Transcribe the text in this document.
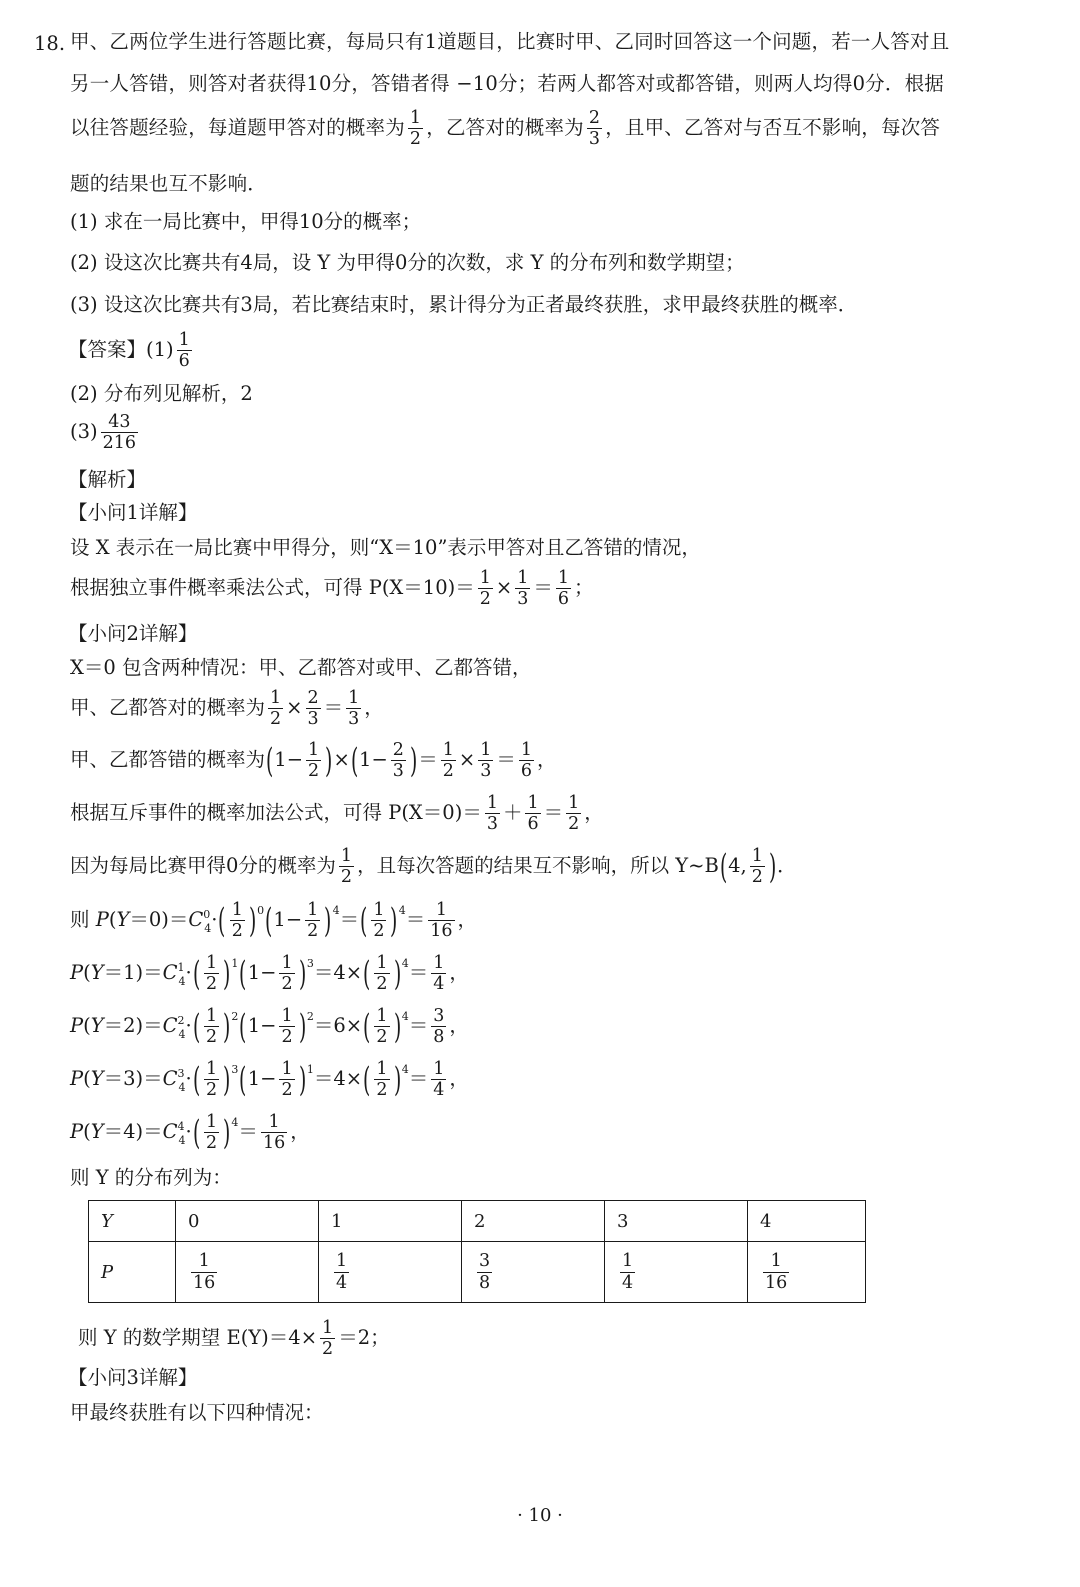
18. 甲、乙两位学生进行答题比赛，每局只有1道题目，比赛时甲、乙同时回答这一个问题，若一人答对且
另一人答错，则答对者获得10分，答错者得 −10分；若两人都答对或都答错，则两人均得0分．根据
以往答题经验，每道题甲答对的概率为 $\frac{1}{2}$ ，乙答对的概率为 $\frac{2}{3}$ ，且甲、乙答对与否互不影响，每次答
题的结果也互不影响．
(1) 求在一局比赛中，甲得10分的概率；
(2) 设这次比赛共有4局，设 Y 为甲得0分的次数，求 Y 的分布列和数学期望；
(3) 设这次比赛共有3局，若比赛结束时，累计得分为正者最终获胜，求甲最终获胜的概率．
【答案】$(1) \frac{1}{6}$
(2) 分布列见解析，2
$(3) \frac{43}{216}$
【解析】
【小问1详解】
设 X 表示在一局比赛中甲得分，则“X＝10”表示甲答对且乙答错的情况，
根据独立事件概率乘法公式，可得 $P(X=10)= \frac{1}{2} \times \frac{1}{3} = \frac{1}{6}$ ；
【小问2详解】
X＝0 包含两种情况：甲、乙都答对或甲、乙都答错，
甲、乙都答对的概率为 $\frac{1}{2} \times \frac{2}{3} = \frac{1}{3}$ ，
甲、乙都答错的概率为$(1- \frac{1}{2} )\times(1- \frac{2}{3}$ )＝ $\frac{1}{2} \times \frac{1}{3} = \frac{1}{6}$ ，
根据互斥事件的概率加法公式，可得 $P(X=0)= \frac{1}{3} + \frac{1}{6} = \frac{1}{2}$ ，
因为每局比赛甲得0分的概率为 $\frac{1}{2}$ ，且每次答题的结果互不影响，所以 Y~B(4, $\frac{1}{2}$ )．
则 $P(Y=0)=C^0_4\cdot( \frac{1}{2} )^0(1- \frac{1}{2} )^4=( \frac{1}{2} )^4= \frac{1}{16}$ ，
$P(Y=1)=C^1_4\cdot( \frac{1}{2} )^1(1- \frac{1}{2} )^3=4\times( \frac{1}{2} )^4= \frac{1}{4}$ ，
$P(Y=2)=C^2_4\cdot( \frac{1}{2} )^2(1- \frac{1}{2} )^2=6\times( \frac{1}{2} )^4= \frac{3}{8}$ ，
$P(Y=3)=C^3_4\cdot( \frac{1}{2} )^3(1- \frac{1}{2} )^1=4\times( \frac{1}{2} )^4= \frac{1}{4}$ ，
$P(Y=4)=C^4_4\cdot( \frac{1}{2} )^4= \frac{1}{16}$ ，
则 Y 的分布列为：
Y	0	1	2	3	4
P	$\frac{1}{16}$	$\frac{1}{4}$	$\frac{3}{8}$	$\frac{1}{4}$	$\frac{1}{16}$
则 Y 的数学期望 $E(Y)=4\times \frac{1}{2} =2$；
【小问3详解】
甲最终获胜有以下四种情况：
· 10 ·
